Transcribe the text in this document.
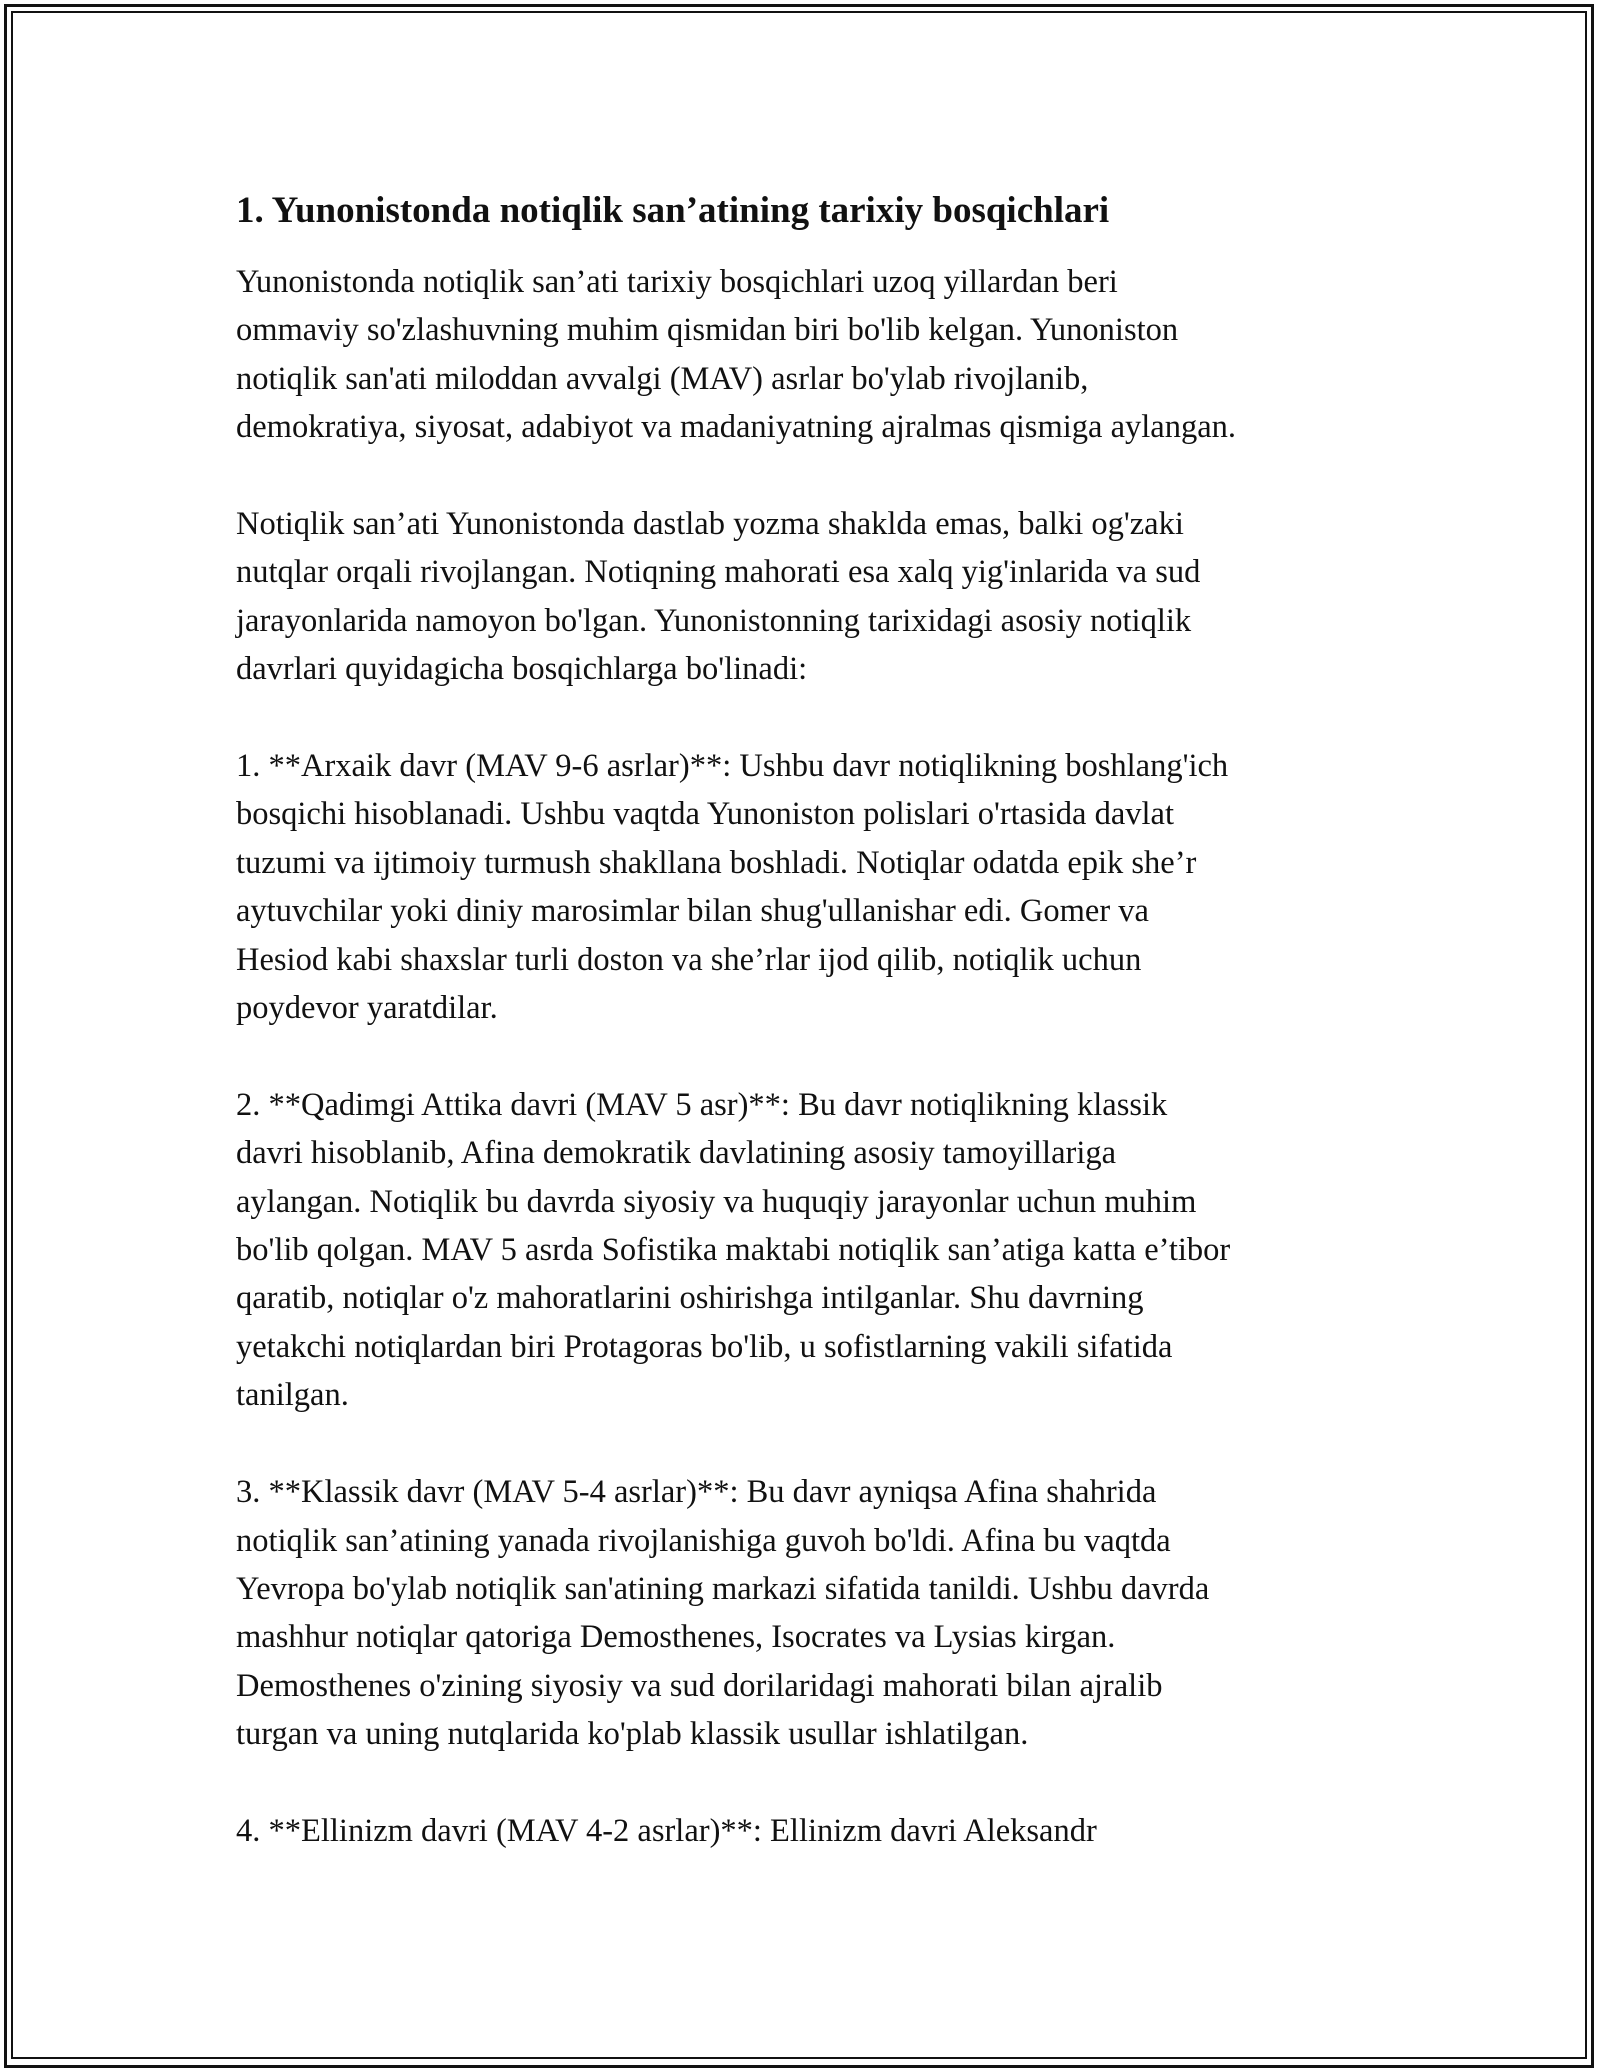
1. Yunonistonda notiqlik san’atining tarixiy bosqichlari

Yunonistonda notiqlik san’ati tarixiy bosqichlari uzoq yillardan beri
ommaviy so'zlashuvning muhim qismidan biri bo'lib kelgan. Yunoniston
notiqlik san'ati miloddan avvalgi (MAV) asrlar bo'ylab rivojlanib,
demokratiya, siyosat, adabiyot va madaniyatning ajralmas qismiga aylangan.

Notiqlik san’ati Yunonistonda dastlab yozma shaklda emas, balki og'zaki
nutqlar orqali rivojlangan. Notiqning mahorati esa xalq yig'inlarida va sud
jarayonlarida namoyon bo'lgan. Yunonistonning tarixidagi asosiy notiqlik
davrlari quyidagicha bosqichlarga bo'linadi:

1. **Arxaik davr (MAV 9-6 asrlar)**: Ushbu davr notiqlikning boshlang'ich
bosqichi hisoblanadi. Ushbu vaqtda Yunoniston polislari o'rtasida davlat
tuzumi va ijtimoiy turmush shakllana boshladi. Notiqlar odatda epik she’r
aytuvchilar yoki diniy marosimlar bilan shug'ullanishar edi. Gomer va
Hesiod kabi shaxslar turli doston va she’rlar ijod qilib, notiqlik uchun
poydevor yaratdilar.

2. **Qadimgi Attika davri (MAV 5 asr)**: Bu davr notiqlikning klassik
davri hisoblanib, Afina demokratik davlatining asosiy tamoyillariga
aylangan. Notiqlik bu davrda siyosiy va huquqiy jarayonlar uchun muhim
bo'lib qolgan. MAV 5 asrda Sofistika maktabi notiqlik san’atiga katta e’tibor
qaratib, notiqlar o'z mahoratlarini oshirishga intilganlar. Shu davrning
yetakchi notiqlardan biri Protagoras bo'lib, u sofistlarning vakili sifatida
tanilgan.

3. **Klassik davr (MAV 5-4 asrlar)**: Bu davr ayniqsa Afina shahrida
notiqlik san’atining yanada rivojlanishiga guvoh bo'ldi. Afina bu vaqtda
Yevropa bo'ylab notiqlik san'atining markazi sifatida tanildi. Ushbu davrda
mashhur notiqlar qatoriga Demosthenes, Isocrates va Lysias kirgan.
Demosthenes o'zining siyosiy va sud dorilaridagi mahorati bilan ajralib
turgan va uning nutqlarida ko'plab klassik usullar ishlatilgan.

4. **Ellinizm davri (MAV 4-2 asrlar)**: Ellinizm davri Aleksandr
